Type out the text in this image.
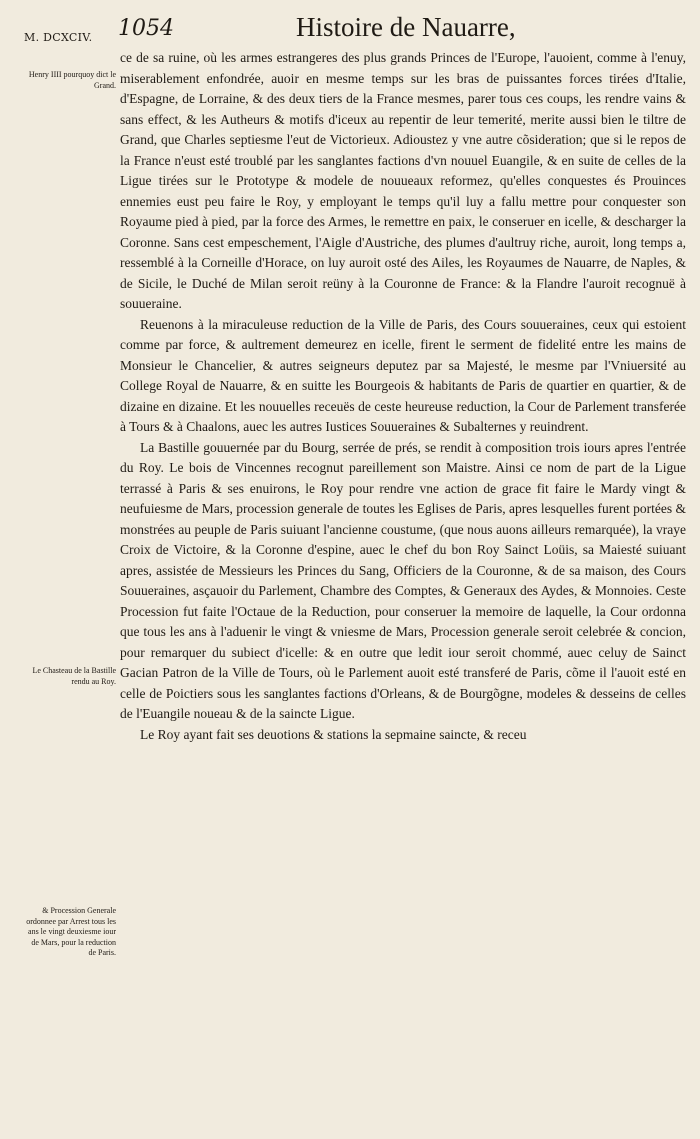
M. DCXCIV. 1054	Histoire de Nauarre,
Henry IIII pourquoy dict le Grand.
Le Chasteau de la Bastille rendu au Roy.
& Procession Generale ordonnee par Arrest tous les ans le vingt deuxiesme iour de Mars, pour la reduction de Paris.

ce de sa ruine, où les armes estrangeres des plus grands Princes de l'Europe, l'auoient, comme à l'enuy, miserablement enfondrée, auoir en mesme temps sur les bras de puissantes forces tirées d'Italie, d'Espagne, de Lorraine, & des deux tiers de la France mesmes, parer tous ces coups, les rendre vains & sans effect, & les Autheurs & motifs d'iceux au repentir de leur temerité, merite aussi bien le tiltre de Grand, que Charles septiesme l'eut de Victorieux. Adioustez y vne autre cõsideration; que si le repos de la France n'eust esté troublé par les sanglantes factions d'vn nouuel Euangile, & en suite de celles de la Ligue tirées sur le Prototype & modele de nouueaux reformez, qu'elles conquestes és Prouinces ennemies eust peu faire le Roy, y employant le temps qu'il luy a fallu mettre pour conquester son Royaume pied à pied, par la force des Armes, le remettre en paix, le conseruer en icelle, & descharger la Coronne. Sans cest empeschement, l'Aigle d'Austriche, des plumes d'aultruy riche, auroit, long temps a, ressemblé à la Corneille d'Horace, on luy auroit osté des Ailes, les Royaumes de Nauarre, de Naples, & de Sicile, le Duché de Milan seroit reüny à la Couronne de France: & la Flandre l'auroit recognuë à souueraine.

Reuenons à la miraculeuse reduction de la Ville de Paris, des Cours souueraines, ceux qui estoient comme par force, & aultrement demeurez en icelle, firent le serment de fidelité entre les mains de Monsieur le Chancelier, & autres seigneurs deputez par sa Majesté, le mesme par l'Vniuersité au College Royal de Nauarre, & en suitte les Bourgeois & habitants de Paris de quartier en quartier, & de dizaine en dizaine. Et les nouuelles receuës de ceste heureuse reduction, la Cour de Parlement transferée à Tours & à Chaalons, auec les autres Iustices Souueraines & Subalternes y reuindrent.

La Bastille gouuernée par du Bourg, serrée de prés, se rendit à composition trois iours apres l'entrée du Roy. Le bois de Vincennes recognut pareillement son Maistre. Ainsi ce nom de part de la Ligue terrassé à Paris & ses enuirons, le Roy pour rendre vne action de grace fit faire le Mardy vingt & neufuiesme de Mars, procession generale de toutes les Eglises de Paris, apres lesquelles furent portées & monstrées au peuple de Paris suiuant l'ancienne coustume, (que nous auons ailleurs remarquée), la vraye Croix de Victoire, & la Coronne d'espine, auec le chef du bon Roy Sainct Loüis, sa Maiesté suiuant apres, assistée de Messieurs les Princes du Sang, Officiers de la Couronne, & de sa maison, des Cours Souueraines, asçauoir du Parlement, Chambre des Comptes, & Generaux des Aydes, & Monnoies. Ceste Procession fut faite l'Octaue de la Reduction, pour conseruer la memoire de laquelle, la Cour ordonna que tous les ans à l'aduenir le vingt & vniesme de Mars, Procession generale seroit celebrée & concion, pour remarquer du subiect d'icelle: & en outre que ledit iour seroit chommé, auec celuy de Sainct Gacian Patron de la Ville de Tours, où le Parlement auoit esté transferé de Paris, cõme il l'auoit esté en celle de Poictiers sous les sanglantes factions d'Orleans, & de Bourgõgne, modeles & desseins de celles de l'Euangile noueau & de la saincte Ligue.

Le Roy ayant fait ses deuotions & stations la sepmaine saincte, & receu
